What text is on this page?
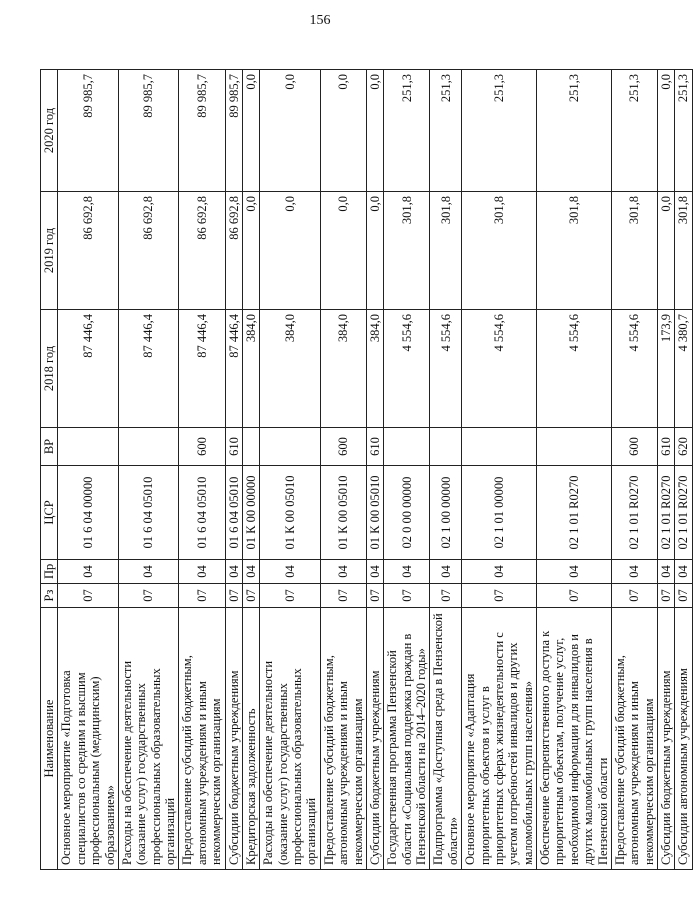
156
Наименование	Рз	Пр	ЦСР	ВР	2018 год	2019 год	2020 год
Основное мероприятие «Подготовка специалистов со средним и высшим профессиональным (медицинским) образованием»	07	04	01 6 04 00000		87 446,4	86 692,8	89 985,7
Расходы на обеспечение деятельности (оказание услуг) государственных профессиональных образовательных организаций	07	04	01 6 04 05010		87 446,4	86 692,8	89 985,7
Предоставление субсидий бюджетным, автономным учреждениям и иным некоммерческим организациям	07	04	01 6 04 05010	600	87 446,4	86 692,8	89 985,7
Субсидии бюджетным учреждениям	07	04	01 6 04 05010	610	87 446,4	86 692,8	89 985,7
Кредиторская задолженность	07	04	01 К 00 00000		384,0	0,0	0,0
Расходы на обеспечение деятельности (оказание услуг) государственных профессиональных образовательных организаций	07	04	01 К 00 05010		384,0	0,0	0,0
Предоставление субсидий бюджетным, автономным учреждениям и иным некоммерческим организациям	07	04	01 К 00 05010	600	384,0	0,0	0,0
Субсидии бюджетным учреждениям	07	04	01 К 00 05010	610	384,0	0,0	0,0
Государственная программа Пензенской области «Социальная поддержка граждан в Пензенской области на 2014–2020 годы»	07	04	02 0 00 00000		4 554,6	301,8	251,3
Подпрограмма «Доступная среда в Пензенской области»	07	04	02 1 00 00000		4 554,6	301,8	251,3
Основное мероприятие «Адаптация приоритетных объектов и услуг в приоритетных сферах жизнедеятельности с учетом потребностей инвалидов и других маломобильных групп населения»	07	04	02 1 01 00000		4 554,6	301,8	251,3
Обеспечение беспрепятственного доступа к приоритетным объектам, получение услуг, необходимой информации для инвалидов и других маломобильных групп населения в Пензенской области	07	04	02 1 01 R0270		4 554,6	301,8	251,3
Предоставление субсидий бюджетным, автономным учреждениям и иным некоммерческим организациям	07	04	02 1 01 R0270	600	4 554,6	301,8	251,3
Субсидии бюджетным учреждениям	07	04	02 1 01 R0270	610	173,9	0,0	0,0
Субсидии автономным учреждениям	07	04	02 1 01 R0270	620	4 380,7	301,8	251,3
